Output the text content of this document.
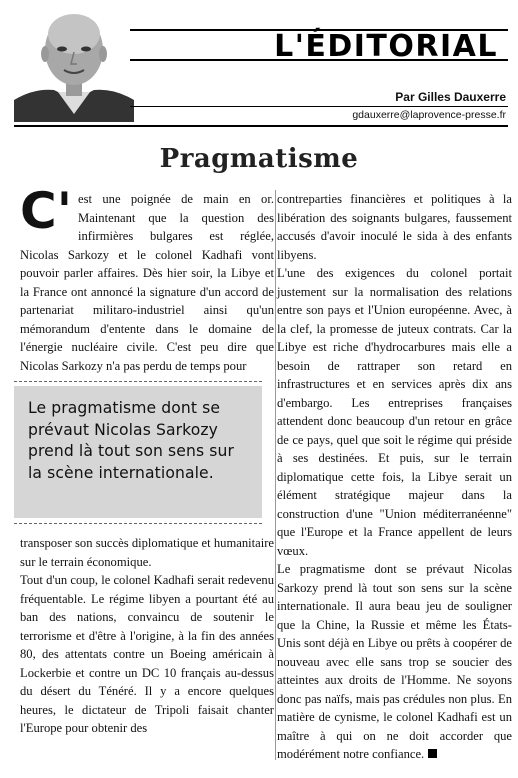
L'ÉDITORIAL
Par Gilles Dauxerre
gdauxerre@laprovence-presse.fr
Pragmatisme

C' est une poignée de main en or. Maintenant que la question des infirmières bulgares est réglée, Nicolas Sarkozy et le colonel Kadhafi vont pouvoir parler affaires. Dès hier soir, la Libye et la France ont annoncé la signature d'un accord de partenariat militaro-industriel ainsi qu'un mémorandum d'entente dans le domaine de l'énergie nucléaire civile. C'est peu dire que Nicolas Sarkozy n'a pas perdu de temps pour

Le pragmatisme dont se prévaut Nicolas Sarkozy prend là tout son sens sur la scène internationale.

transposer son succès diplomatique et humanitaire sur le terrain économique.

Tout d'un coup, le colonel Kadhafi serait redevenu fréquentable. Le régime libyen a pourtant été au ban des nations, convaincu de soutenir le terrorisme et d'être à l'origine, à la fin des années 80, des attentats contre un Boeing américain à Lockerbie et contre un DC 10 français au-dessus du désert du Ténéré. Il y a encore quelques heures, le dictateur de Tripoli faisait chanter l'Europe pour obtenir des

contreparties financières et politiques à la libération des soignants bulgares, faussement accusés d'avoir inoculé le sida à des enfants libyens.

L'une des exigences du colonel portait justement sur la normalisation des relations entre son pays et l'Union européenne. Avec, à la clef, la promesse de juteux contrats. Car la Libye est riche d'hydrocarbures mais elle a besoin de rattraper son retard en infrastructures et en services après dix ans d'embargo. Les entreprises françaises attendent donc beaucoup d'un retour en grâce de ce pays, quel que soit le régime qui préside à ses destinées. Et puis, sur le terrain diplomatique cette fois, la Libye serait un élément stratégique majeur dans la construction d'une "Union méditerranéenne" que l'Europe et la France appellent de leurs vœux.

Le pragmatisme dont se prévaut Nicolas Sarkozy prend là tout son sens sur la scène internationale. Il aura beau jeu de souligner que la Chine, la Russie et même les États-Unis sont déjà en Libye ou prêts à coopérer de nouveau avec elle sans trop se soucier des atteintes aux droits de l'Homme. Ne soyons donc pas naïfs, mais pas crédules non plus. En matière de cynisme, le colonel Kadhafi est un maître à qui on ne doit accorder que modérément notre confiance.
